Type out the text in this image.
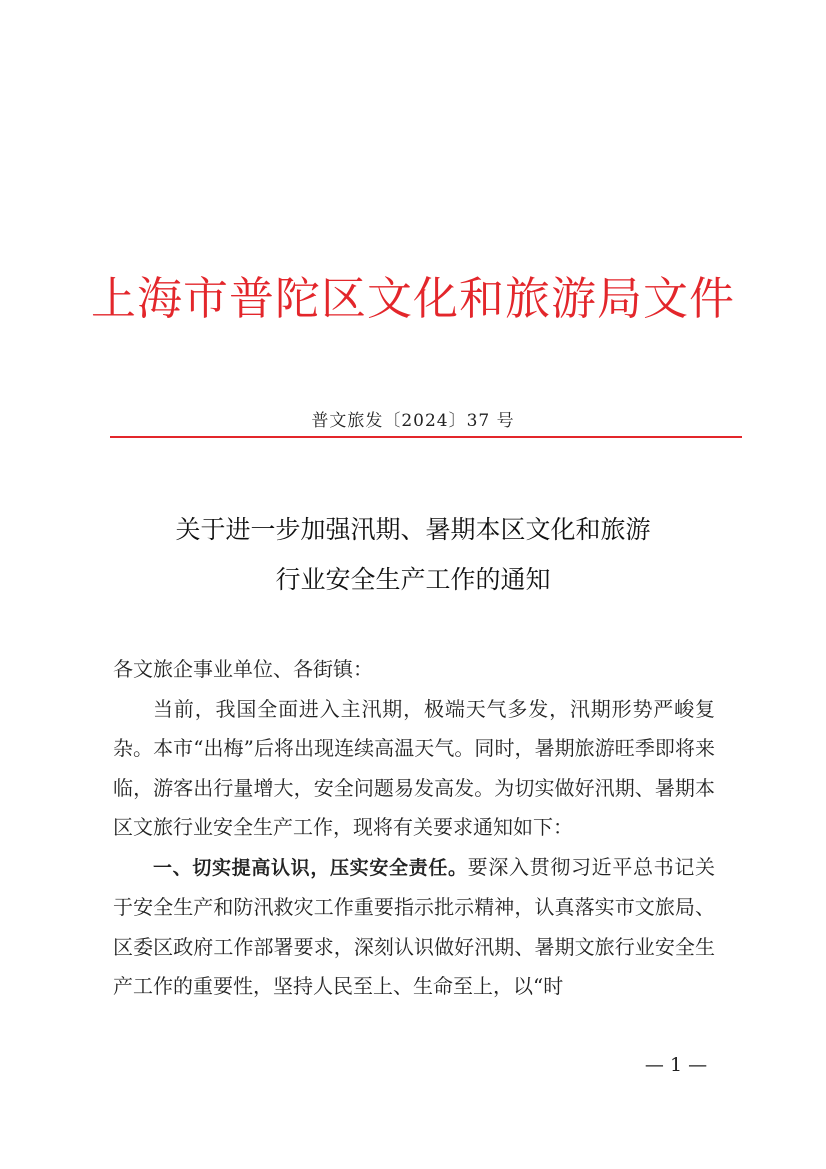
上海市普陀区文化和旅游局文件
普文旅发〔2024〕37 号
关于进一步加强汛期、暑期本区文化和旅游
行业安全生产工作的通知

各文旅企事业单位、各街镇：

当前，我国全面进入主汛期，极端天气多发，汛期形势严峻复杂。本市“出梅”后将出现连续高温天气。同时，暑期旅游旺季即将来临，游客出行量增大，安全问题易发高发。为切实做好汛期、暑期本区文旅行业安全生产工作，现将有关要求通知如下：

一、切实提高认识，压实安全责任。要深入贯彻习近平总书记关于安全生产和防汛救灾工作重要指示批示精神，认真落实市文旅局、区委区政府工作部署要求，深刻认识做好汛期、暑期文旅行业安全生产工作的重要性，坚持人民至上、生命至上，以“时

— 1 —
